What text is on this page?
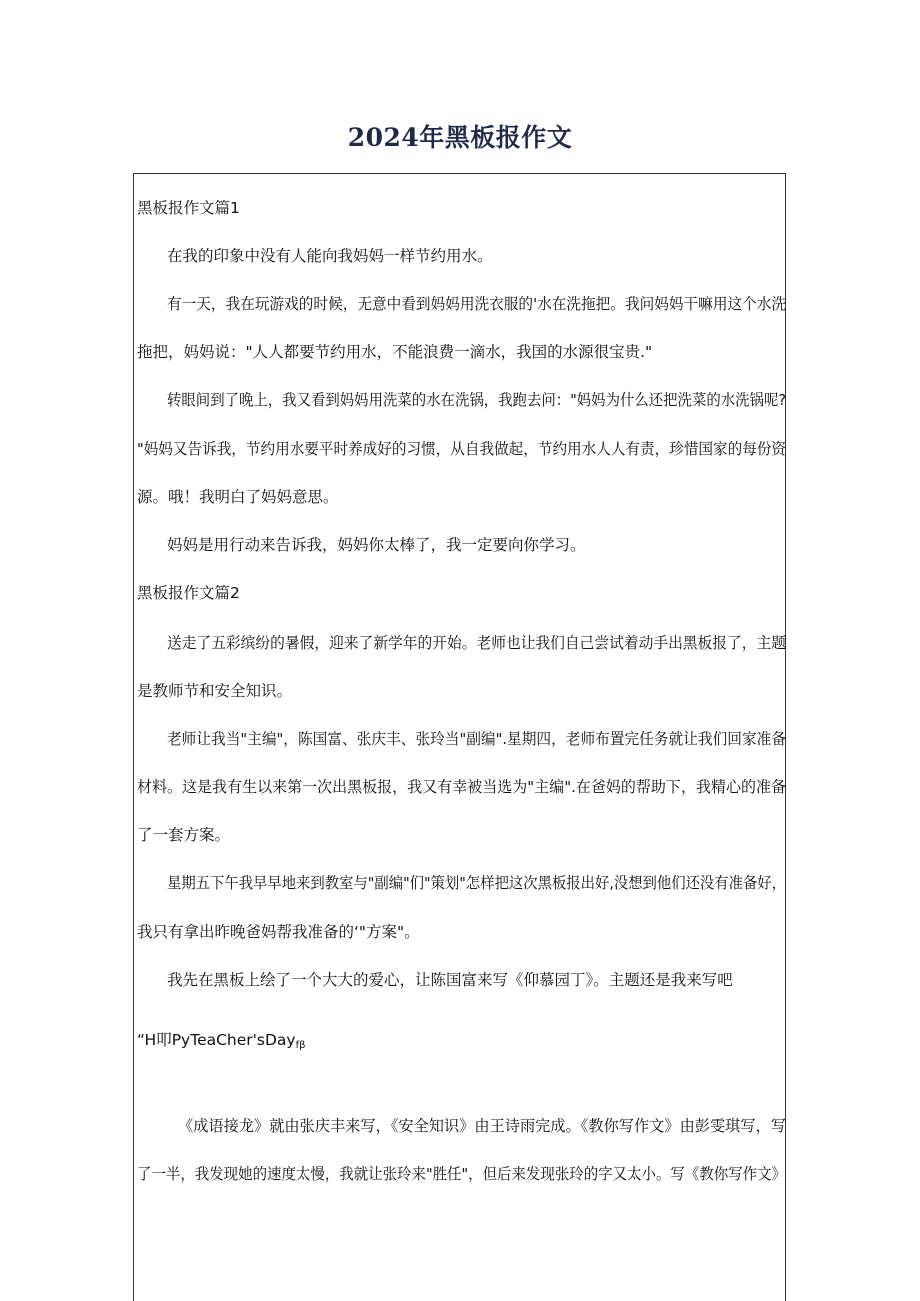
2024年黑板报作文
黑板报作文篇1
在我的印象中没有人能向我妈妈一样节约用水。
有一天，我在玩游戏的时候，无意中看到妈妈用洗衣服的'水在洗拖把。我问妈妈干嘛用这个水洗
拖把，妈妈说："人人都要节约用水，不能浪费一滴水，我国的水源很宝贵."
转眼间到了晚上，我又看到妈妈用洗菜的水在洗锅，我跑去问："妈妈为什么还把洗菜的水洗锅呢?
"妈妈又告诉我，节约用水要平时养成好的习惯，从自我做起，节约用水人人有责，珍惜国家的每份资
源。哦！我明白了妈妈意思。
妈妈是用行动来告诉我，妈妈你太棒了，我一定要向你学习。
黑板报作文篇2
送走了五彩缤纷的暑假，迎来了新学年的开始。老师也让我们自己尝试着动手出黑板报了，主题
是教师节和安全知识。
老师让我当"主编"，陈国富、张庆丰、张玲当"副编".星期四，老师布置完任务就让我们回家准备
材料。这是我有生以来第一次出黑板报，我又有幸被当选为"主编".在爸妈的帮助下，我精心的准备
了一套方案。
星期五下午我早早地来到教室与"副编"们"策划"怎样把这次黑板报出好,没想到他们还没有准备好，
我只有拿出昨晚爸妈帮我准备的‘"方案"。
我先在黑板上绘了一个大大的爱心，让陈国富来写《仰慕园丁》。主题还是我来写吧
“H叩PyTeaCher'sDayfβ
《成语接龙》就由张庆丰来写，《安全知识》由王诗雨完成。《教你写作文》由彭雯琪写，写
了一半，我发现她的速度太慢，我就让张玲来"胜任"，但后来发现张玲的字又太小。写《教你写作文》
